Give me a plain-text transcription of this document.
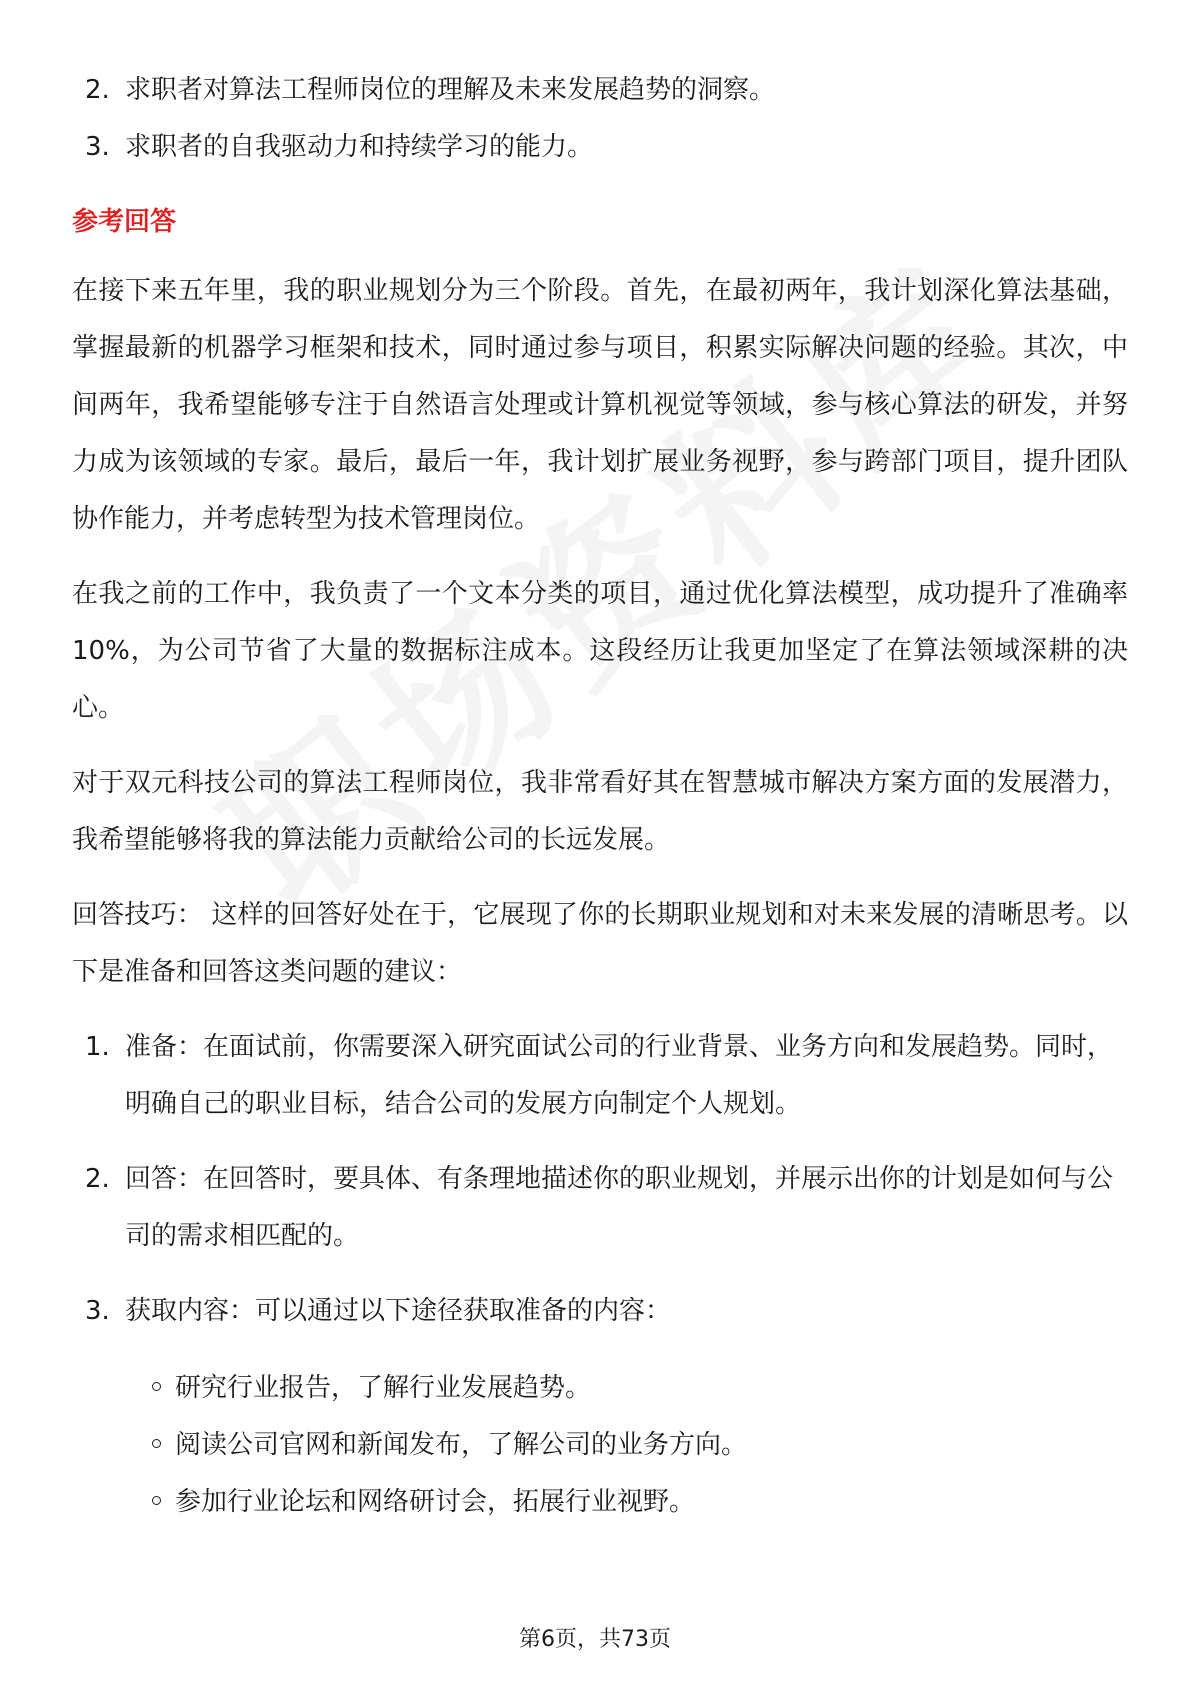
2. 求职者对算法工程师岗位的理解及未来发展趋势的洞察。
3. 求职者的自我驱动力和持续学习的能力。
参考回答
在接下来五年里，我的职业规划分为三个阶段。首先，在最初两年，我计划深化算法基础，掌握最新的机器学习框架和技术，同时通过参与项目，积累实际解决问题的经验。其次，中间两年，我希望能够专注于自然语言处理或计算机视觉等领域，参与核心算法的研发，并努力成为该领域的专家。最后，最后一年，我计划扩展业务视野，参与跨部门项目，提升团队协作能力，并考虑转型为技术管理岗位。
在我之前的工作中，我负责了一个文本分类的项目，通过优化算法模型，成功提升了准确率10%，为公司节省了大量的数据标注成本。这段经历让我更加坚定了在算法领域深耕的决心。
对于双元科技公司的算法工程师岗位，我非常看好其在智慧城市解决方案方面的发展潜力，我希望能够将我的算法能力贡献给公司的长远发展。
回答技巧： 这样的回答好处在于，它展现了你的长期职业规划和对未来发展的清晰思考。以下是准备和回答这类问题的建议：
1. 准备：在面试前，你需要深入研究面试公司的行业背景、业务方向和发展趋势。同时，明确自己的职业目标，结合公司的发展方向制定个人规划。
2. 回答：在回答时，要具体、有条理地描述你的职业规划，并展示出你的计划是如何与公司的需求相匹配的。
3. 获取内容：可以通过以下途径获取准备的内容：
研究行业报告，了解行业发展趋势。
阅读公司官网和新闻发布，了解公司的业务方向。
参加行业论坛和网络研讨会，拓展行业视野。
第6页，共73页
